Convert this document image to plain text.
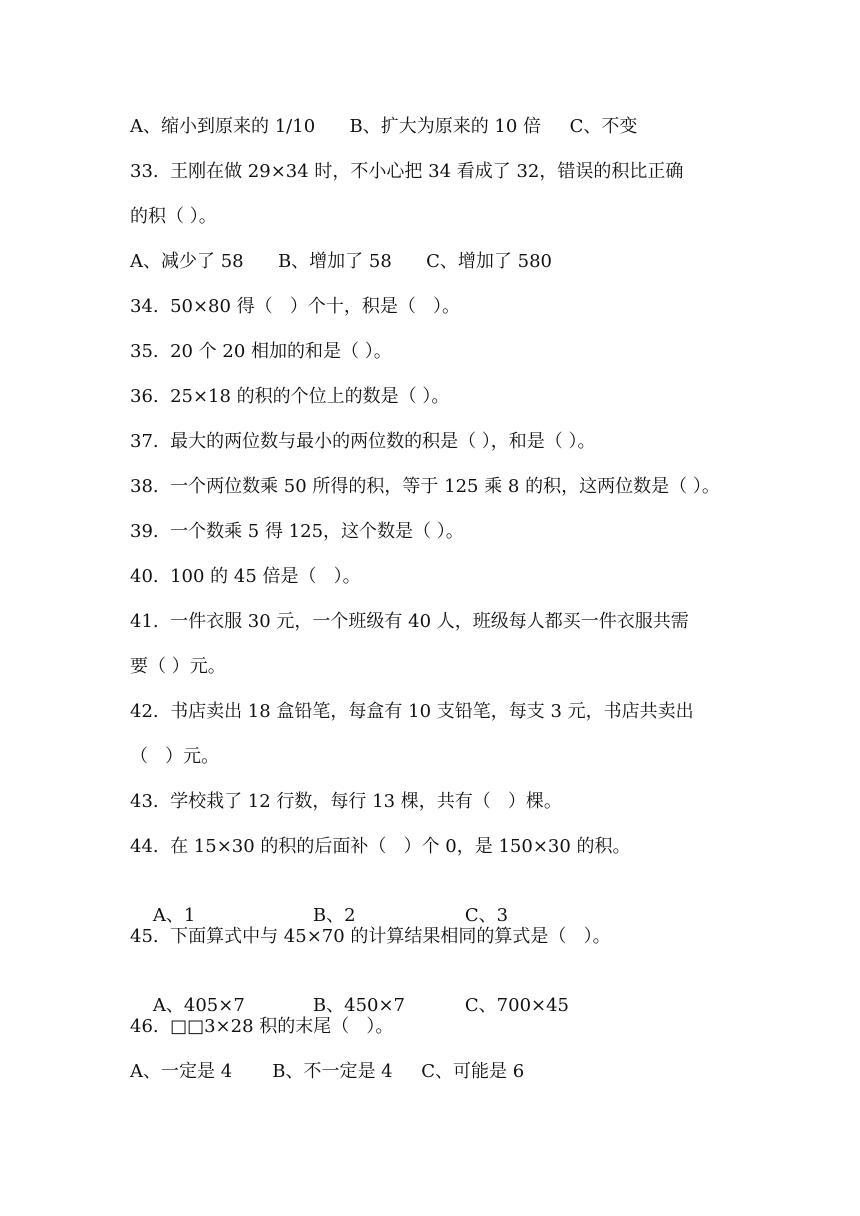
A、缩小到原来的 1/10      B、扩大为原来的 10 倍     C、不变
33.  王刚在做 29×34 时，不小心把 34 看成了 32，错误的积比正确
的积（ ）。
A、减少了 58      B、增加了 58      C、增加了 580
34.  50×80 得（   ）个十，积是（   ）。
35.  20 个 20 相加的和是（ ）。
36.  25×18 的积的个位上的数是（ ）。
37.  最大的两位数与最小的两位数的积是（ ），和是（ ）。
38.  一个两位数乘 50 所得的积，等于 125 乘 8 的积，这两位数是（ ）。
39.  一个数乘 5 得 125，这个数是（ ）。
40.  100 的 45 倍是（   ）。
41.  一件衣服 30 元，一个班级有 40 人，班级每人都买一件衣服共需
要（ ）元。
42.  书店卖出 18 盒铅笔，每盒有 10 支铅笔，每支 3 元，书店共卖出
（   ）元。
43.  学校栽了 12 行数，每行 13 棵，共有（   ）棵。
44.  在 15×30 的积的后面补（   ）个 0，是 150×30 的积。

A、1	B、2	C、3

45.  下面算式中与 45×70 的计算结果相同的算式是（   ）。

A、405×7	B、450×7	C、700×45

46.  □□3×28 积的末尾（   ）。
A、一定是 4       B、不一定是 4     C、可能是 6
